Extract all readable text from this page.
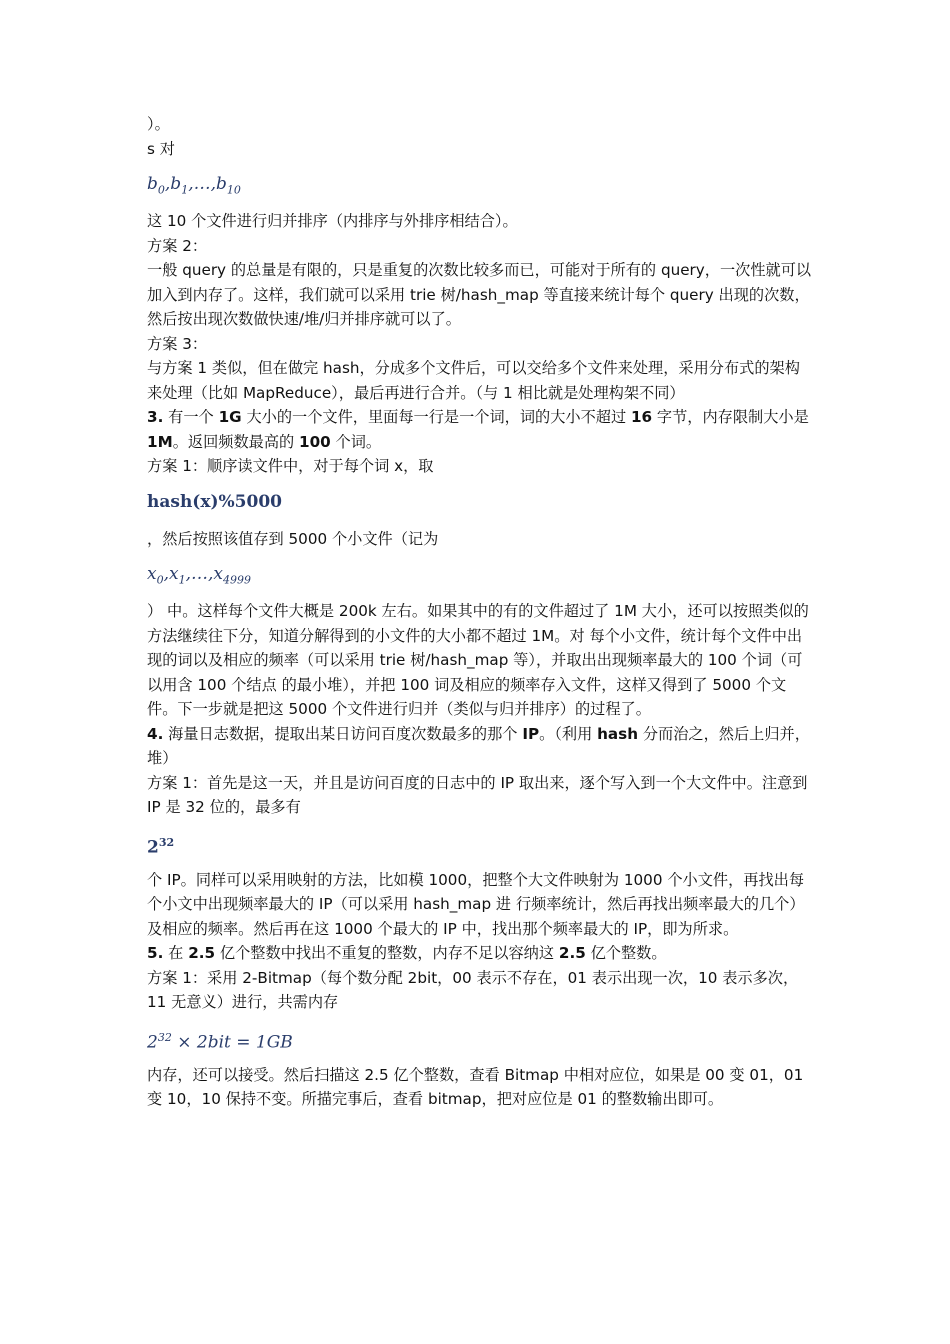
）。

s 对

$b_0,b_1,\dots,b_{10}$

这 10 个文件进行归并排序（内排序与外排序相结合）。

方案 2：

一般 query 的总量是有限的，只是重复的次数比较多而已，可能对于所有的 query，一次性就可以加入到内存了。这样，我们就可以采用 trie 树/hash_map 等直接来统计每个 query 出现的次数，然后按出现次数做快速/堆/归并排序就可以了。

方案 3：

与方案 1 类似，但在做完 hash，分成多个文件后，可以交给多个文件来处理，采用分布式的架构来处理（比如 MapReduce），最后再进行合并。（与 1 相比就是处理构架不同）

3. 有一个 1G 大小的一个文件，里面每一行是一个词，词的大小不超过 16 字节，内存限制大小是 1M。返回频数最高的 100 个词。

方案 1：顺序读文件中，对于每个词 x，取

hash(x)%5000

，然后按照该值存到 5000 个小文件（记为

$x_0,x_1,\dots,x_{4999}$

） 中。这样每个文件大概是 200k 左右。如果其中的有的文件超过了 1M 大小，还可以按照类似的方法继续往下分，知道分解得到的小文件的大小都不超过 1M。对 每个小文件，统计每个文件中出现的词以及相应的频率（可以采用 trie 树/hash_map 等），并取出出现频率最大的 100 个词（可以用含 100 个结点 的最小堆），并把 100 词及相应的频率存入文件，这样又得到了 5000 个文件。下一步就是把这 5000 个文件进行归并（类似与归并排序）的过程了。

4. 海量日志数据，提取出某日访问百度次数最多的那个 IP。（利用 hash 分而治之，然后上归并，堆）

方案 1：首先是这一天，并且是访问百度的日志中的 IP 取出来，逐个写入到一个大文件中。注意到 IP 是 32 位的，最多有

$2^{32}$

个 IP。同样可以采用映射的方法，比如模 1000，把整个大文件映射为 1000 个小文件，再找出每个小文中出现频率最大的 IP（可以采用 hash_map 进 行频率统计，然后再找出频率最大的几个）及相应的频率。然后再在这 1000 个最大的 IP 中，找出那个频率最大的 IP，即为所求。

5. 在 2.5 亿个整数中找出不重复的整数，内存不足以容纳这 2.5 亿个整数。

方案 1：采用 2-Bitmap（每个数分配 2bit，00 表示不存在，01 表示出现一次，10 表示多次，11 无意义）进行，共需内存

$2^{32} \times 2bit = 1GB$

内存，还可以接受。然后扫描这 2.5 亿个整数，查看 Bitmap 中相对应位，如果是 00 变 01，01 变 10，10 保持不变。所描完事后，查看 bitmap，把对应位是 01 的整数输出即可。
